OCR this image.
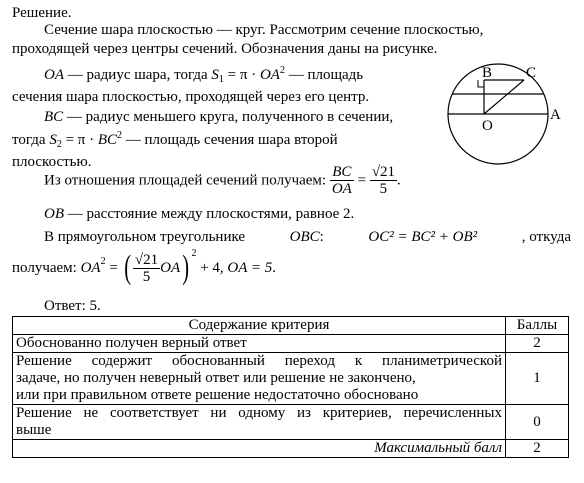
Решение.
Сечение шара плоскостью — круг. Рассмотрим сечение плоскостью,
проходящей через центры сечений. Обозначения даны на рисунке.
OA — радиус шара, тогда $S_1 = \pi \cdot OA^2$ — площадь
сечения шара плоскостью, проходящей через его центр.
BC — радиус меньшего круга, полученного в сечении,
тогда $S_2 = \pi \cdot BC^2$ — площадь сечения шара второй
плоскостью.
Из отношения площадей сечений получаем: $\frac{BC}{OA} = \frac{√21}{5}$ .
OB — расстояние между плоскостями, равное 2.
В прямоугольном треугольнике	OBC:	OC² = BC² + OB²	, откуда
получаем: $OA^2$ = ( $\frac{√21}{5} OA$) $^2$ + 4, OA = 5.
Ответ: 5.
B C
O
A
Содержание критерия	Баллы
Обоснованно получен верный ответ	2

Решение содержит обоснованный переход к планиметрической
задаче, но получен неверный ответ или решение не закончено,
или при правильном ответе решение недостаточно обосновано	1

Решение не соответствует ни одному из критериев, перечисленных
выше	0
Максимальный балл	2
